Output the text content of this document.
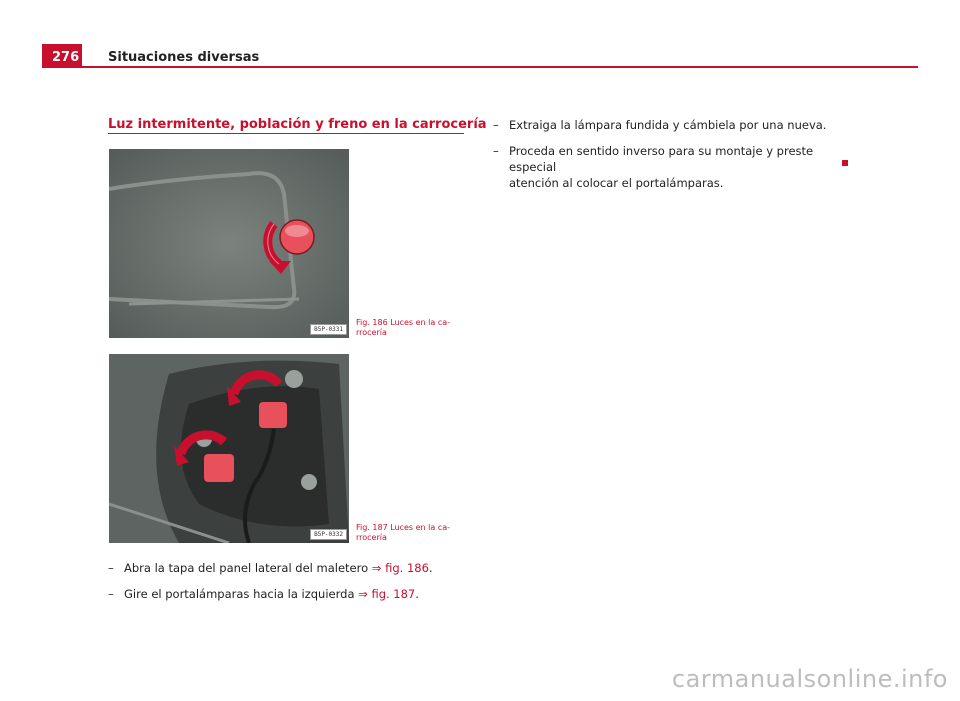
276 Situaciones diversas
Luz intermitente, población y freno en la carrocería
B5P-0331
Fig. 186 Luces en la ca-
rrocería
B5P-0332
Fig. 187 Luces en la ca-
rrocería
– Abra la tapa del panel lateral del maletero ⇒ fig. 186.
– Gire el portalámparas hacia la izquierda ⇒ fig. 187.
– Extraiga la lámpara fundida y cámbiela por una nueva.
– Proceda en sentido inverso para su montaje y preste especial
atención al colocar el portalámparas.
carmanualsonline.info
